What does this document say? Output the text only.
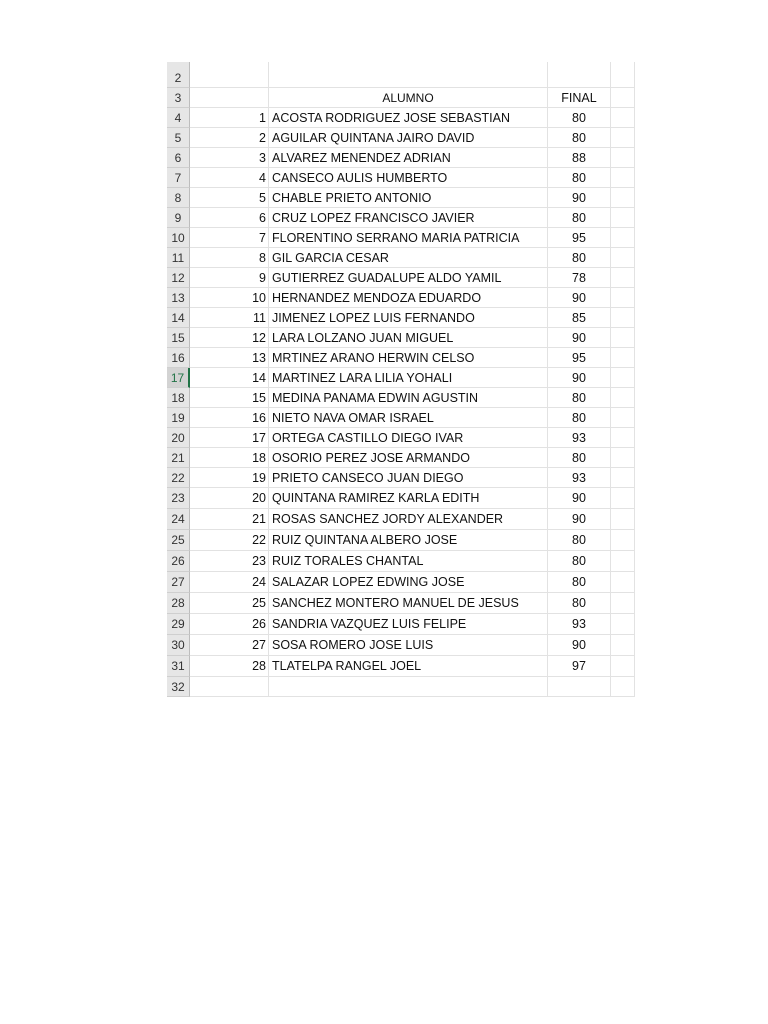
2
3	ALUMNO	FINAL
4	1 ACOSTA RODRIGUEZ JOSE SEBASTIAN	80
5	2 AGUILAR QUINTANA JAIRO DAVID	80
6	3 ALVAREZ MENENDEZ ADRIAN	88
7	4 CANSECO AULIS HUMBERTO	80
8	5 CHABLE PRIETO ANTONIO	90
9	6 CRUZ LOPEZ FRANCISCO JAVIER	80
10	7 FLORENTINO SERRANO MARIA PATRICIA	95
11	8 GIL GARCIA CESAR	80
12	9 GUTIERREZ GUADALUPE ALDO YAMIL	78
13	10 HERNANDEZ MENDOZA EDUARDO	90
14	11 JIMENEZ LOPEZ LUIS FERNANDO	85
15	12 LARA LOLZANO JUAN MIGUEL	90
16	13 MRTINEZ ARANO HERWIN CELSO	95
17	14 MARTINEZ LARA LILIA YOHALI	90
18	15 MEDINA PANAMA EDWIN AGUSTIN	80
19	16 NIETO NAVA OMAR ISRAEL	80
20	17 ORTEGA CASTILLO DIEGO IVAR	93
21	18 OSORIO PEREZ JOSE ARMANDO	80
22	19 PRIETO CANSECO JUAN DIEGO	93
23	20 QUINTANA RAMIREZ KARLA EDITH	90
24	21 ROSAS SANCHEZ JORDY ALEXANDER	90
25	22 RUIZ QUINTANA ALBERO JOSE	80
26	23 RUIZ TORALES CHANTAL	80
27	24 SALAZAR LOPEZ EDWING JOSE	80
28	25 SANCHEZ MONTERO MANUEL DE JESUS	80
29	26 SANDRIA VAZQUEZ LUIS FELIPE	93
30	27 SOSA ROMERO JOSE LUIS	90
31	28 TLATELPA RANGEL JOEL	97
32
